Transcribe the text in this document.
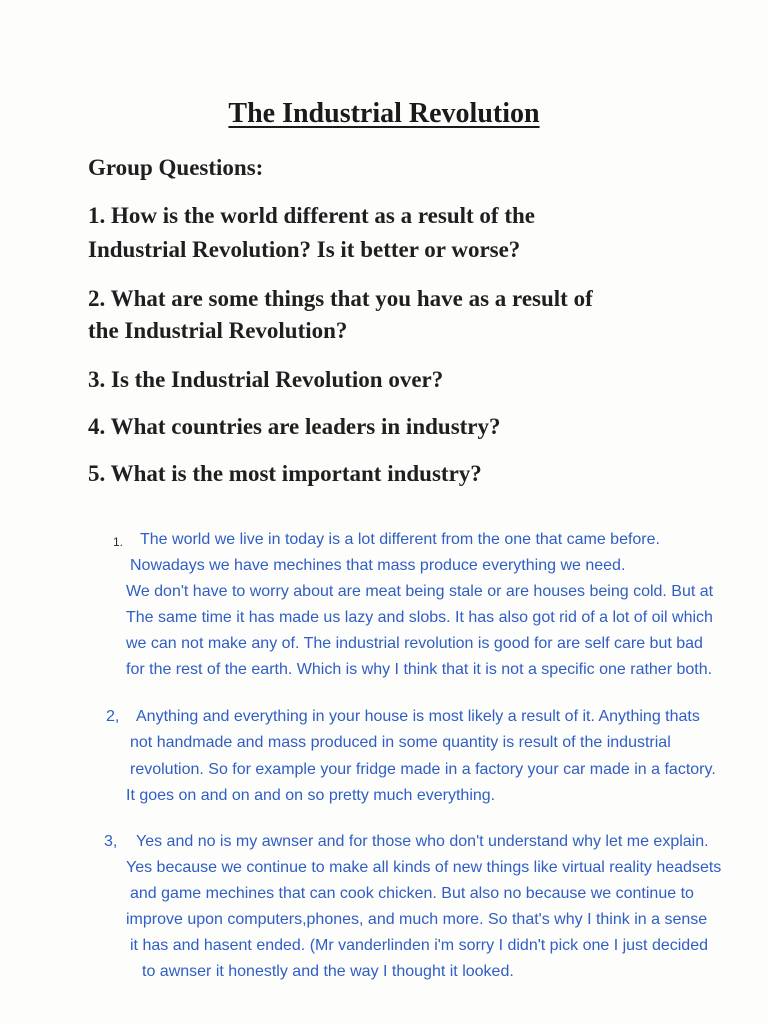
The Industrial Revolution
Group Questions:
1. How is the world different as a result of the
Industrial Revolution? Is it better or worse?
2. What are some things that you have as a result of
the Industrial Revolution?
3. Is the Industrial Revolution over?
4. What countries are leaders in industry?
5. What is the most important industry?
1. The world we live in today is a lot different from the one that came before.
Nowadays we have mechines that mass produce everything we need.
We don't have to worry about are meat being stale or are houses being cold. But at
The same time it has made us lazy and slobs. It has also got rid of a lot of oil which
we can not make any of. The industrial revolution is good for are self care but bad
for the rest of the earth. Which is why I think that it is not a specific one rather both.
2, Anything and everything in your house is most likely a result of it. Anything thats
not handmade and mass produced in some quantity is result of the industrial
revolution. So for example your fridge made in a factory your car made in a factory.
It goes on and on and on so pretty much everything.
3, Yes and no is my awnser and for those who don't understand why let me explain.
Yes because we continue to make all kinds of new things like virtual reality headsets
and game mechines that can cook chicken. But also no because we continue to
improve upon computers,phones, and much more. So that's why I think in a sense
it has and hasent ended. (Mr vanderlinden i'm sorry I didn't pick one I just decided
to awnser it honestly and the way I thought it looked.
